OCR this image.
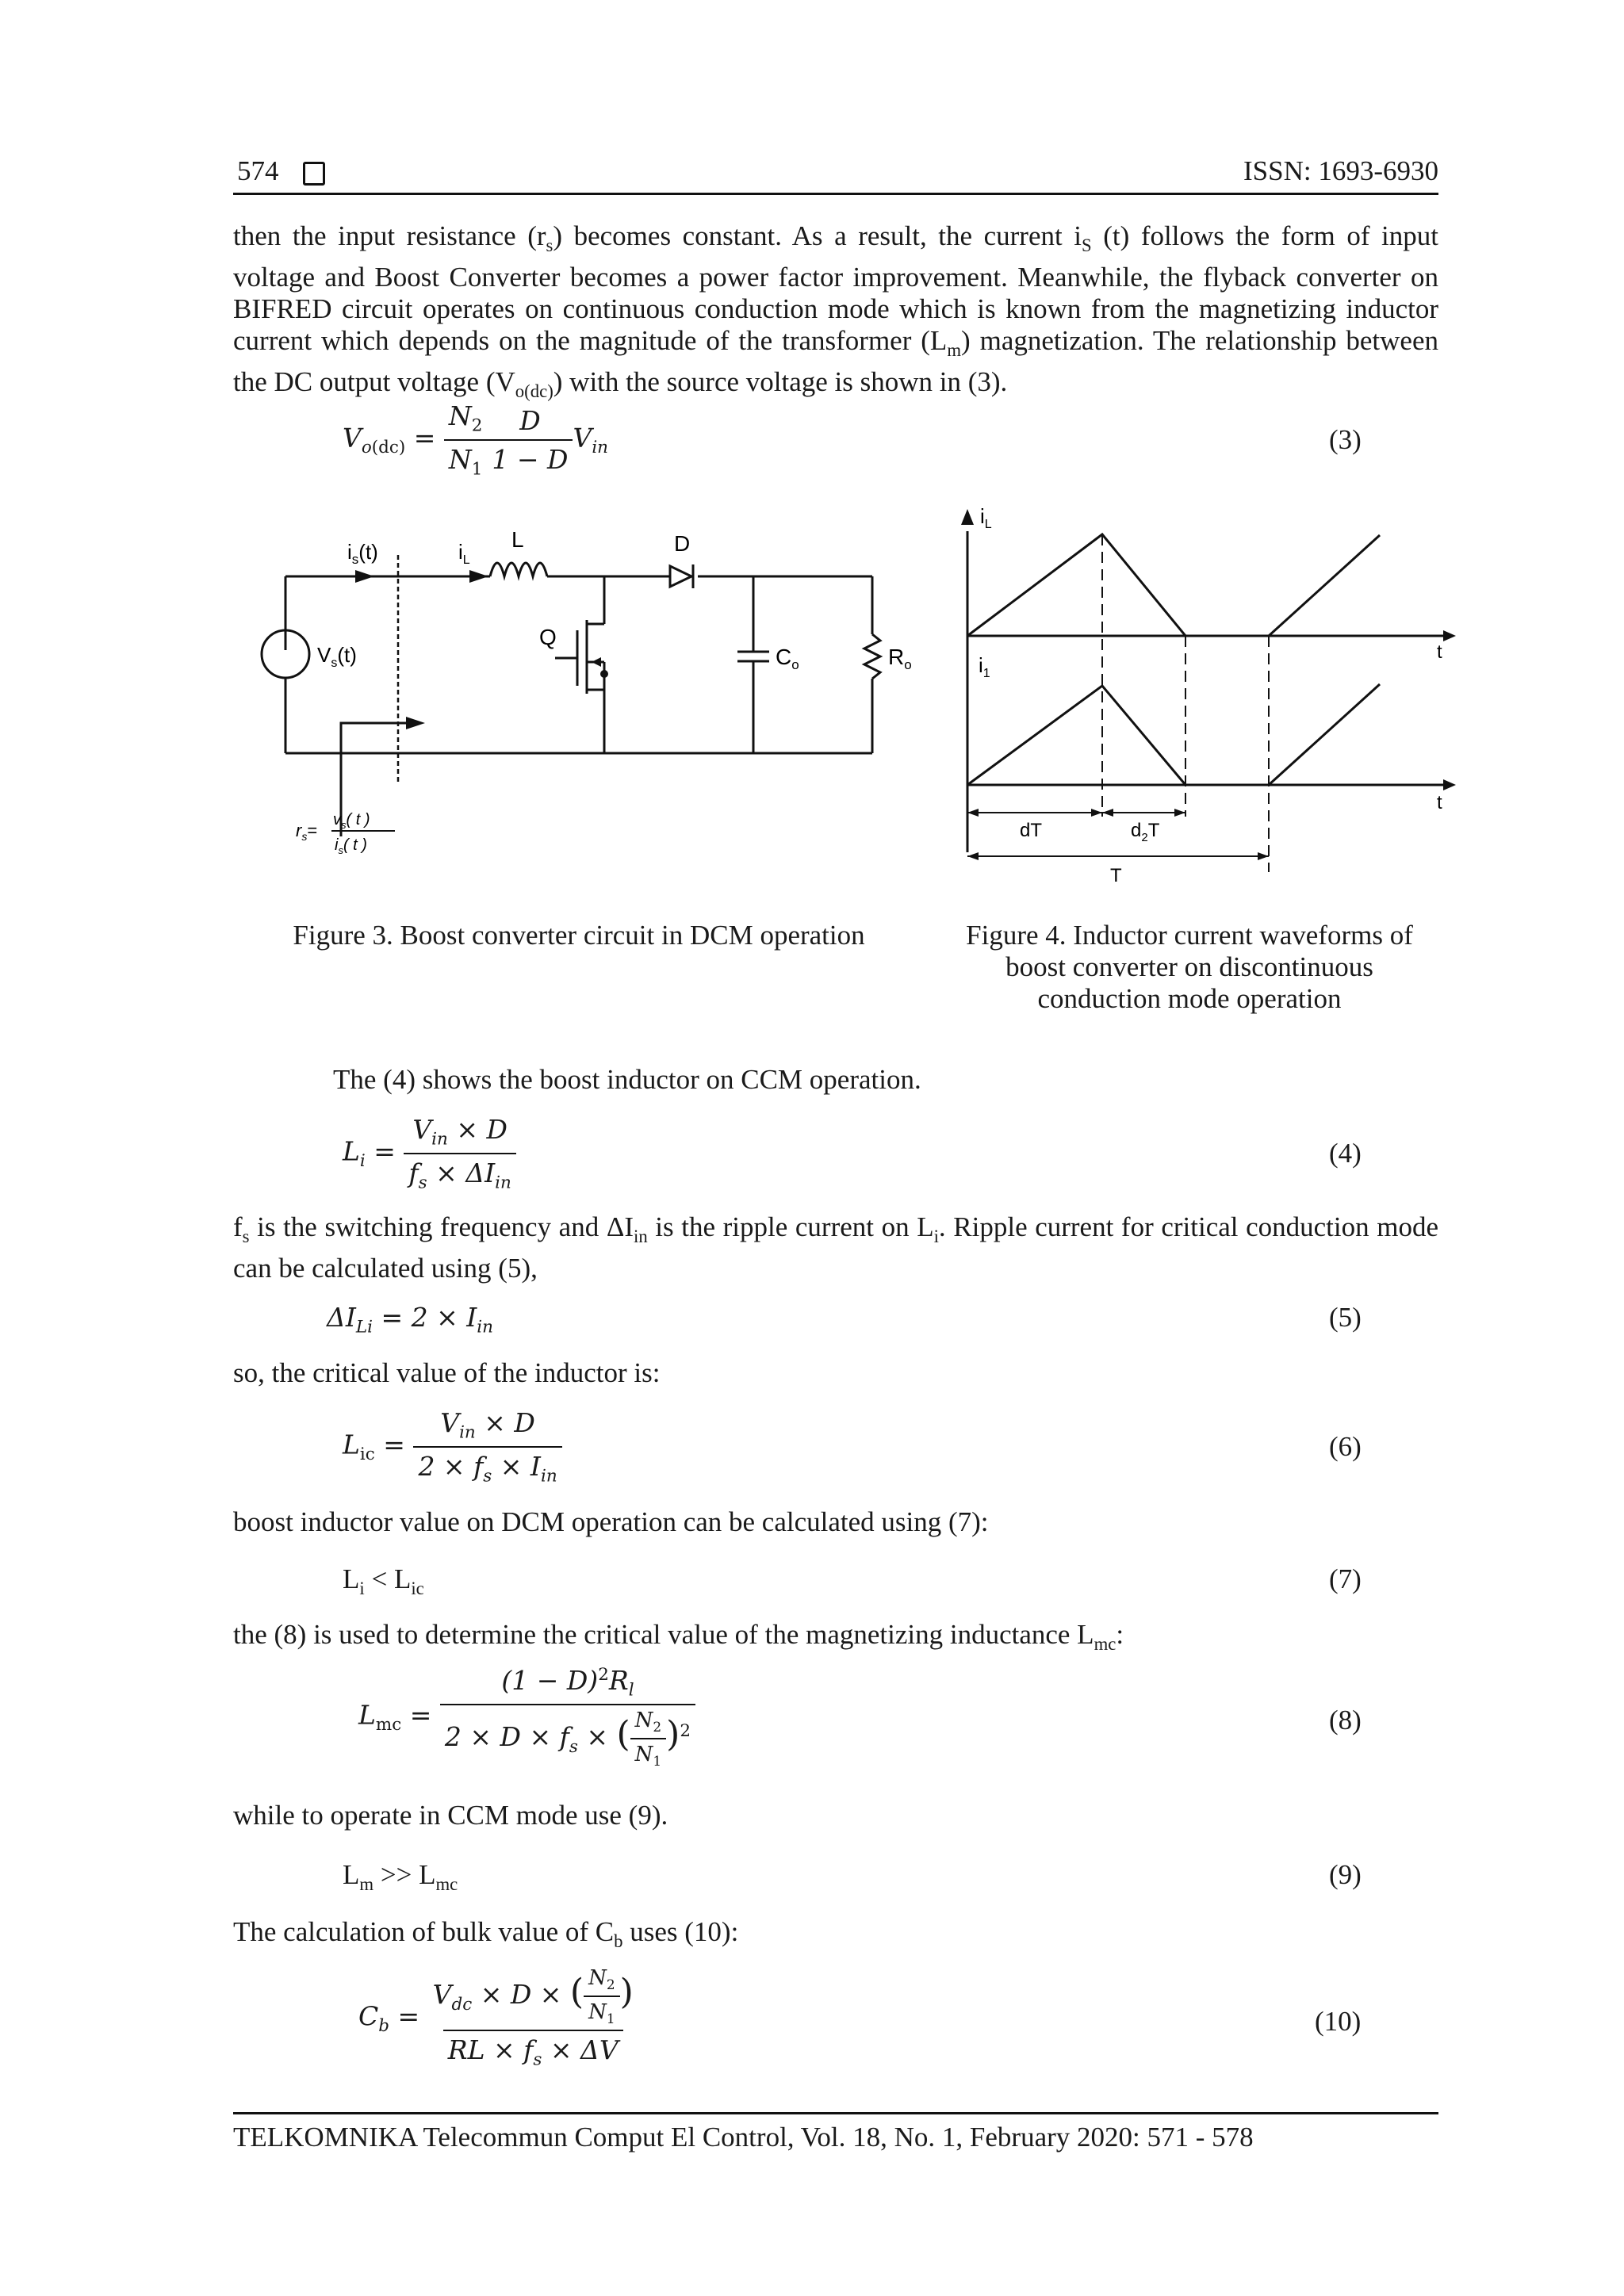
574	ISSN: 1693-6930

then the input resistance $(r_s)$ becomes constant. As a result, the current $i_S$ (t) follows the form of input voltage and Boost Converter becomes a power factor improvement. Meanwhile, the flyback converter on BIFRED circuit operates on continuous conduction mode which is known from the magnetizing inductor current which depends on the magnitude of the transformer $(L_m)$ magnetization. The relationship between the DC output voltage $(V_{o(dc)})$ with the source voltage is shown in (3).

$V_{o(dc)} = \frac{N_2}{N_1} \frac{D}{1 - D} V_{in}$	(3)
$i_s(t)$	$i_L$
L	D
Q
$V_s(t)$	$C_o$	$R_o$
$r_s=$
$v_s$( t )
$i_s$( t )
Figure 3. Boost converter circuit in DCM operation
$i_L$
$i_1$
t
t
dT	$d_2T$
T
Figure 4. Inductor current waveforms of
boost converter on discontinuous
conduction mode operation
The (4) shows the boost inductor on CCM operation.
$L_i = \frac{V_{in} \times D}{f_s \times \Delta I_{in}}$	(4)

$f_s$ is the switching frequency and $\Delta I_{in}$ is the ripple current on $L_i$. Ripple current for critical conduction mode can be calculated using (5),

$\Delta I_{Li} = 2 \times I_{in}$	(5)
so, the critical value of the inductor is:
$L_{ic} = \frac{V_{in} \times D}{2 \times f_s \times I_{in}}$	(6)
boost inductor value on DCM operation can be calculated using (7):
$L_i < L_{ic}$	(7)
the (8) is used to determine the critical value of the magnetizing inductance $L_{mc}$:
$L_{mc} = \frac{(1 - D)^2R_l}{2 \times D \times f_s \times ( \frac{N_2}{N_1} )^2}$	(8)
while to operate in CCM mode use (9).
$L_m >> L_{mc}$	(9)
The calculation of bulk value of $C_b$ uses (10):
$C_b = \frac{V_{dc} \times D \times ( \frac{N_2}{N_1} )}{RL \times f_s \times \Delta V}$	(10)
TELKOMNIKA Telecommun Comput El Control, Vol. 18, No. 1, February 2020: 571 - 578
